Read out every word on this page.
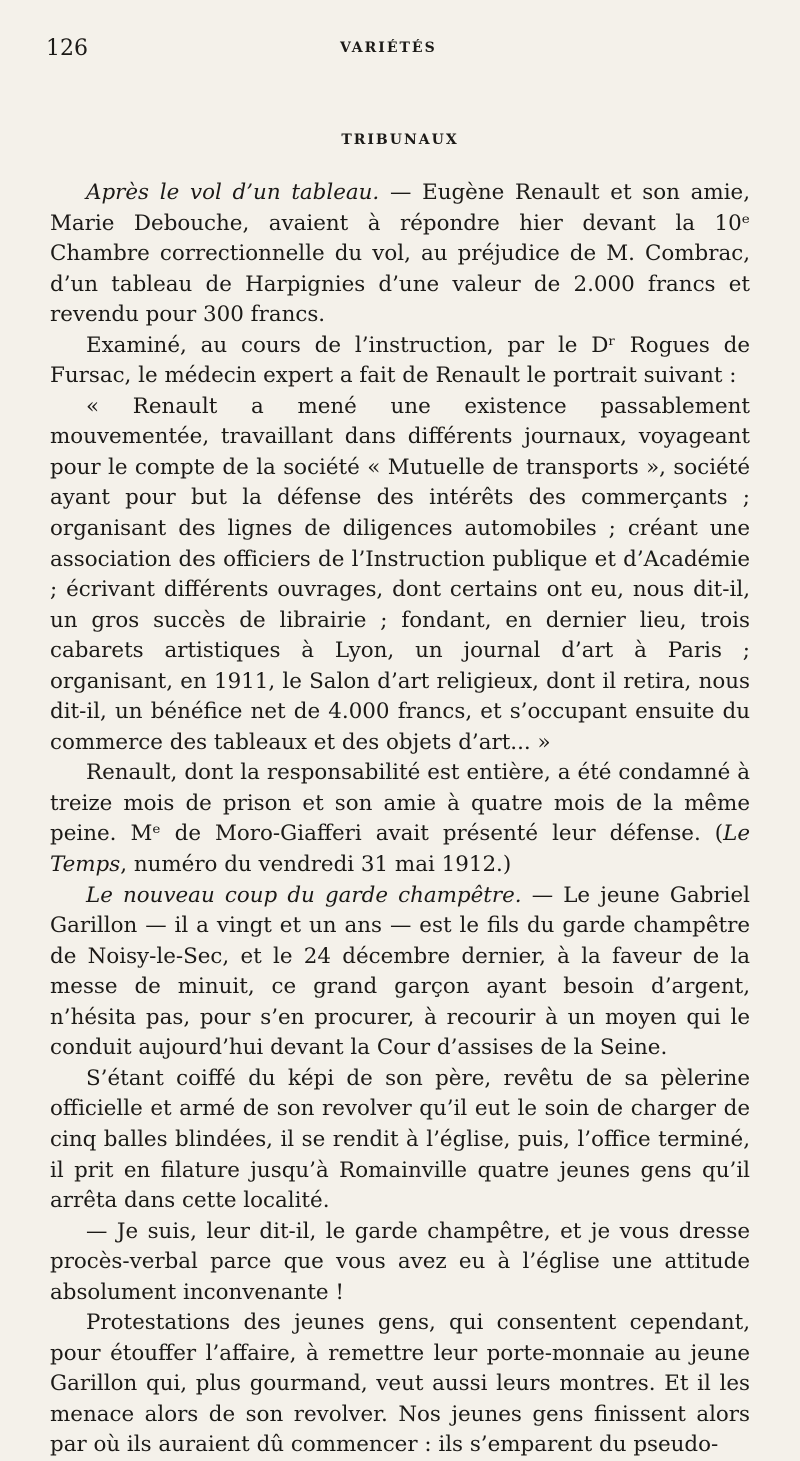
126	VARIÉTÉS
TRIBUNAUX

Après le vol d’un tableau. — Eugène Renault et son amie, Marie Debouche, avaient à répondre hier devant la 10ᵉ Chambre correctionnelle du vol, au préjudice de M. Combrac, d’un tableau de Harpignies d’une valeur de 2.000 francs et revendu pour 300 francs.

Examiné, au cours de l’instruction, par le Dʳ Rogues de Fursac, le médecin expert a fait de Renault le portrait suivant :

« Renault a mené une existence passablement mouvementée, travaillant dans différents journaux, voyageant pour le compte de la société « Mutuelle de transports », société ayant pour but la défense des intérêts des commerçants ; organisant des lignes de diligences automobiles ; créant une association des officiers de l’Instruction publique et d’Académie ; écrivant différents ouvrages, dont certains ont eu, nous dit-il, un gros succès de librairie ; fondant, en dernier lieu, trois cabarets artistiques à Lyon, un journal d’art à Paris ; organisant, en 1911, le Salon d’art religieux, dont il retira, nous dit-il, un bénéfice net de 4.000 francs, et s’occupant ensuite du commerce des tableaux et des objets d’art... »

Renault, dont la responsabilité est entière, a été condamné à treize mois de prison et son amie à quatre mois de la même peine. Mᵉ de Moro-Giafferi avait présenté leur défense. (Le Temps, numéro du vendredi 31 mai 1912.)

Le nouveau coup du garde champêtre. — Le jeune Gabriel Garillon — il a vingt et un ans — est le fils du garde champêtre de Noisy-le-Sec, et le 24 décembre dernier, à la faveur de la messe de minuit, ce grand garçon ayant besoin d’argent, n’hésita pas, pour s’en procurer, à recourir à un moyen qui le conduit aujourd’hui devant la Cour d’assises de la Seine.

S’étant coiffé du képi de son père, revêtu de sa pèlerine officielle et armé de son revolver qu’il eut le soin de charger de cinq balles blindées, il se rendit à l’église, puis, l’office terminé, il prit en filature jusqu’à Romainville quatre jeunes gens qu’il arrêta dans cette localité.

— Je suis, leur dit-il, le garde champêtre, et je vous dresse procès-verbal parce que vous avez eu à l’église une attitude absolument inconvenante !

Protestations des jeunes gens, qui consentent cependant, pour étouffer l’affaire, à remettre leur porte-monnaie au jeune Garillon qui, plus gourmand, veut aussi leurs montres. Et il les menace alors de son revolver. Nos jeunes gens finissent alors par où ils auraient dû commencer : ils s’emparent du pseudo-
